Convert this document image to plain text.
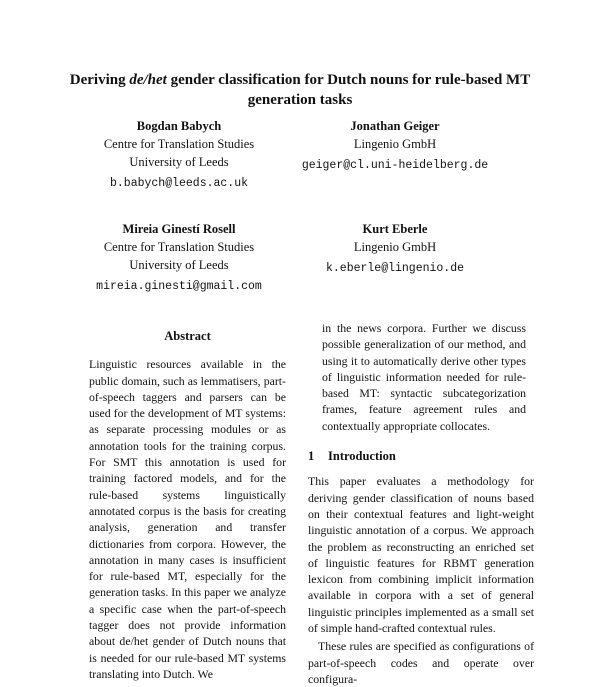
Deriving de/het gender classification for Dutch nouns for rule-based MT generation tasks
Bogdan Babych
Centre for Translation Studies
University of Leeds
b.babych@leeds.ac.uk
Jonathan Geiger
Lingenio GmbH
geiger@cl.uni-heidelberg.de
Mireia Ginestí Rosell
Centre for Translation Studies
University of Leeds
mireia.ginesti@gmail.com
Kurt Eberle
Lingenio GmbH
k.eberle@lingenio.de
Abstract

Linguistic resources available in the public domain, such as lemmatisers, part-of-speech taggers and parsers can be used for the development of MT systems: as separate processing modules or as annotation tools for the training corpus. For SMT this annotation is used for training factored models, and for the rule-based systems linguistically annotated corpus is the basis for creating analysis, generation and transfer dictionaries from corpora. However, the annotation in many cases is insufficient for rule-based MT, especially for the generation tasks. In this paper we analyze a specific case when the part-of-speech tagger does not provide information about de/het gender of Dutch nouns that is needed for our rule-based MT systems translating into Dutch. We

in the news corpora. Further we discuss possible generalization of our method, and using it to automatically derive other types of linguistic information needed for rule-based MT: syntactic subcategorization frames, feature agreement rules and contextually appropriate collocates.

1 Introduction

This paper evaluates a methodology for deriving gender classification of nouns based on their contextual features and light-weight linguistic annotation of a corpus. We approach the problem as reconstructing an enriched set of linguistic features for RBMT generation lexicon from combining implicit information available in corpora with a set of general linguistic principles implemented as a small set of simple hand-crafted contextual rules.

These rules are specified as configurations of part-of-speech codes and operate over configura-
